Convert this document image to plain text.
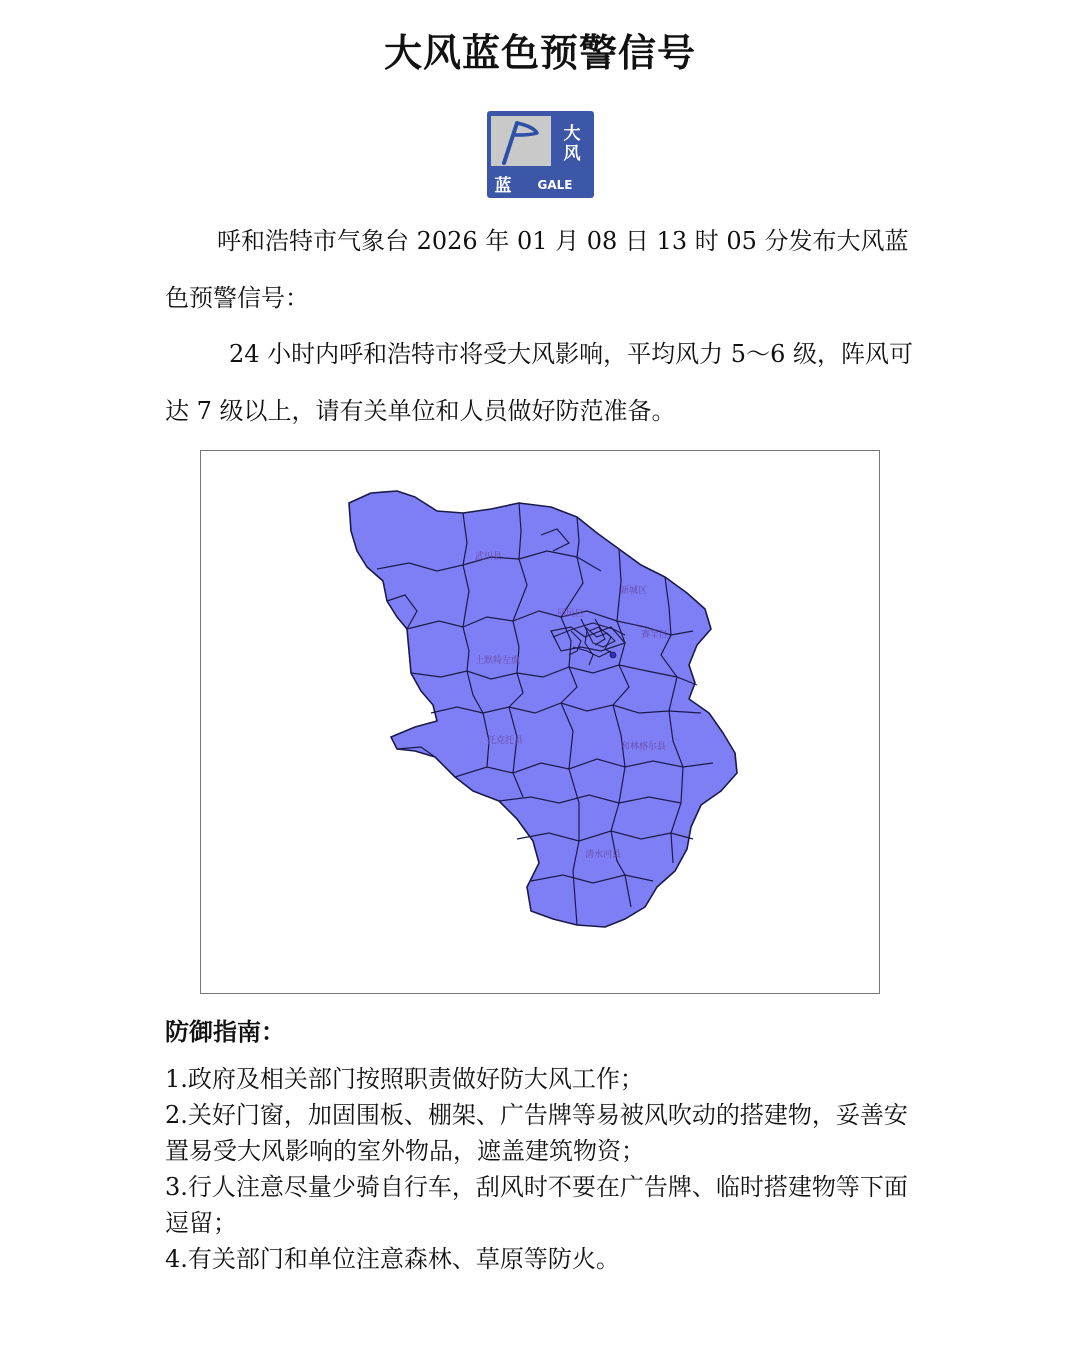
大风蓝色预警信号
大
风
蓝 GALE
呼和浩特市气象台 2026 年 01 月 08 日 13 时 05 分发布大风蓝色预警信号：
24 小时内呼和浩特市将受大风影响，平均风力 5～6 级，阵风可达 7 级以上，请有关单位和人员做好防范准备。
武川县
新城区
回民区
赛罕区
土默特左旗
托克托县
和林格尔县
清水河县
防御指南：
1.政府及相关部门按照职责做好防大风工作；
2.关好门窗，加固围板、棚架、广告牌等易被风吹动的搭建物，妥善安置易受大风影响的室外物品，遮盖建筑物资；
3.行人注意尽量少骑自行车，刮风时不要在广告牌、临时搭建物等下面逗留；
4.有关部门和单位注意森林、草原等防火。
